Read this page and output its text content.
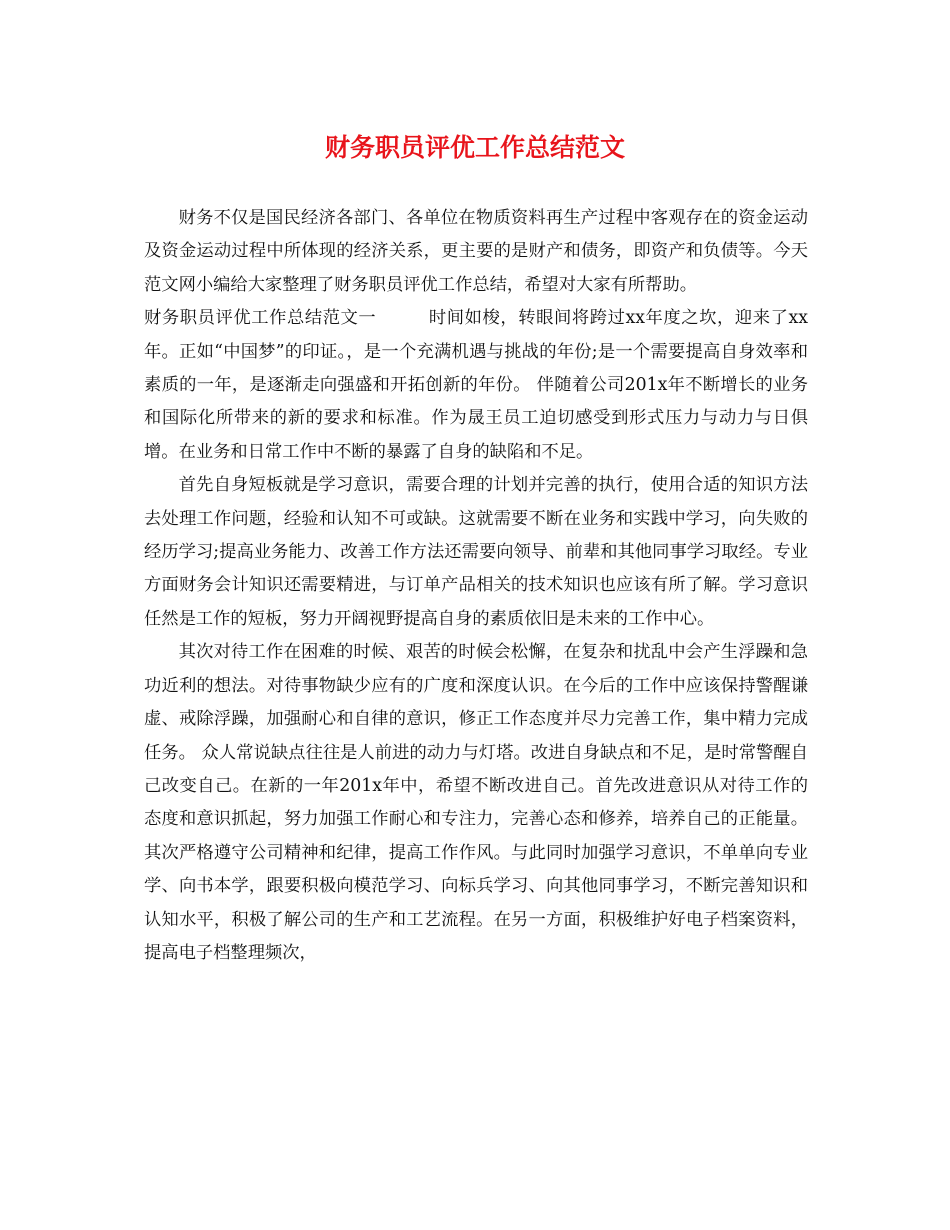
财务职员评优工作总结范文

财务不仅是国民经济各部门、各单位在物质资料再生产过程中客观存在的资金运动及资金运动过程中所体现的经济关系，更主要的是财产和债务，即资产和负债等。今天范文网小编给大家整理了财务职员评优工作总结，希望对大家有所帮助。

财务职员评优工作总结范文一	时间如梭，转眼间将跨过xx年度之坎，迎来了xx年。正如“中国梦”的印证。，是一个充满机遇与挑战的年份;是一个需要提高自身效率和素质的一年，是逐渐走向强盛和开拓创新的年份。 伴随着公司201x年不断增长的业务和国际化所带来的新的要求和标准。作为晟王员工迫切感受到形式压力与动力与日俱增。在业务和日常工作中不断的暴露了自身的缺陷和不足。

首先自身短板就是学习意识，需要合理的计划并完善的执行，使用合适的知识方法去处理工作问题，经验和认知不可或缺。这就需要不断在业务和实践中学习，向失败的经历学习;提高业务能力、改善工作方法还需要向领导、前辈和其他同事学习取经。专业方面财务会计知识还需要精进，与订单产品相关的技术知识也应该有所了解。学习意识任然是工作的短板，努力开阔视野提高自身的素质依旧是未来的工作中心。

其次对待工作在困难的时候、艰苦的时候会松懈，在复杂和扰乱中会产生浮躁和急功近利的想法。对待事物缺少应有的广度和深度认识。在今后的工作中应该保持警醒谦虚、戒除浮躁，加强耐心和自律的意识，修正工作态度并尽力完善工作，集中精力完成任务。 众人常说缺点往往是人前进的动力与灯塔。改进自身缺点和不足，是时常警醒自己改变自己。在新的一年201x年中，希望不断改进自己。首先改进意识从对待工作的态度和意识抓起，努力加强工作耐心和专注力，完善心态和修养，培养自己的正能量。其次严格遵守公司精神和纪律，提高工作作风。与此同时加强学习意识，不单单向专业学、向书本学，跟要积极向模范学习、向标兵学习、向其他同事学习，不断完善知识和认知水平，积极了解公司的生产和工艺流程。在另一方面，积极维护好电子档案资料，提高电子档整理频次，
